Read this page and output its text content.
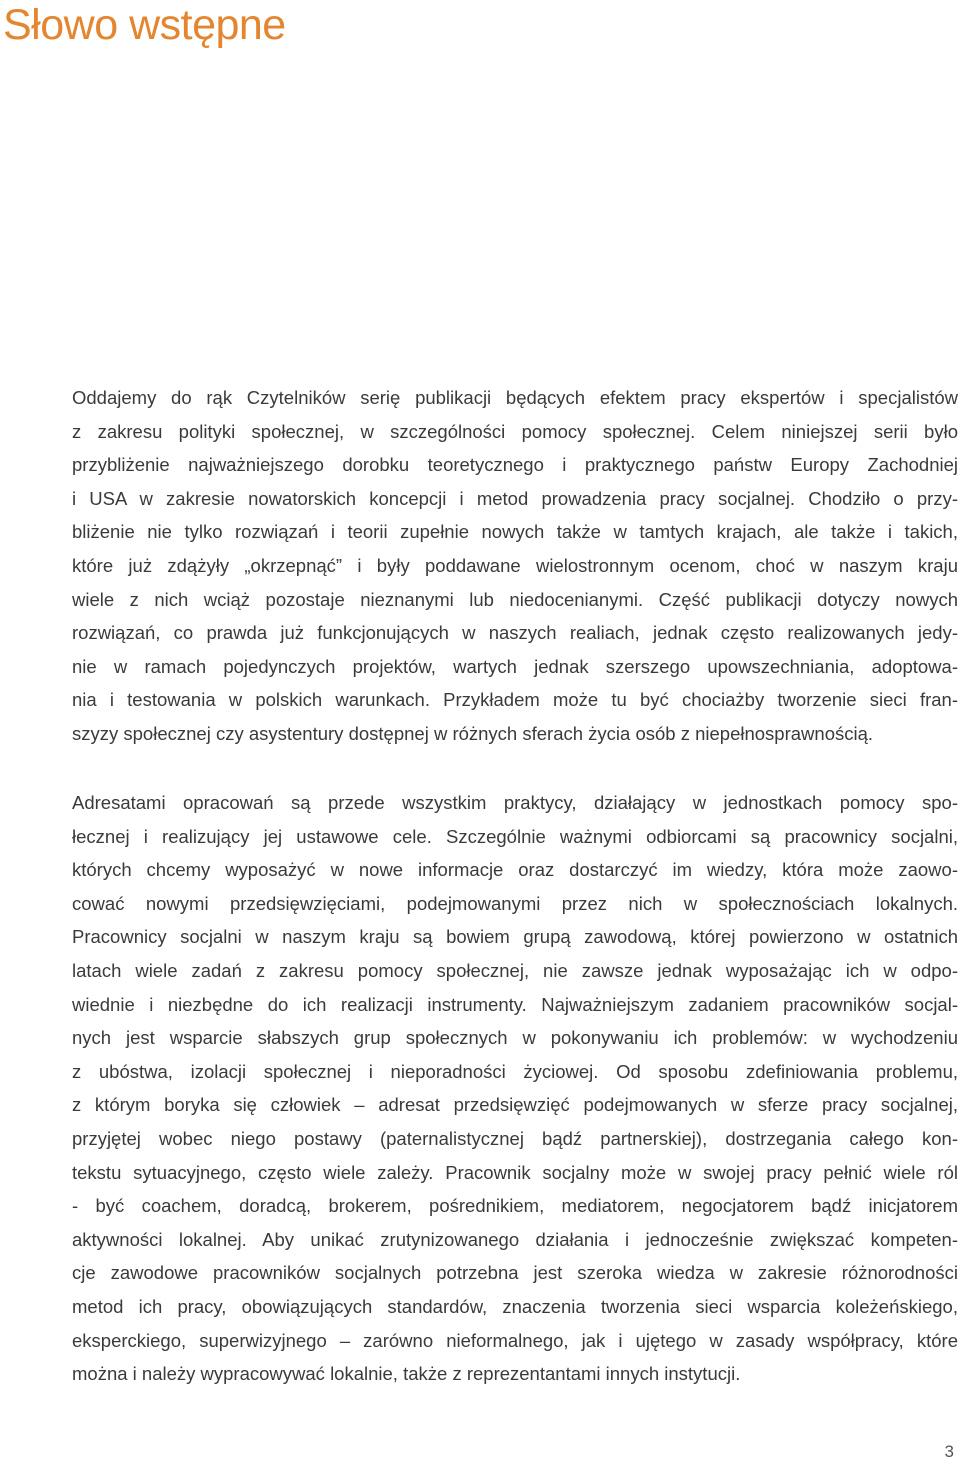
Słowo wstępne
Oddajemy do rąk Czytelników serię publikacji będących efektem pracy ekspertów i specjalistów
z zakresu polityki społecznej, w szczególności pomocy społecznej. Celem niniejszej serii było
przybliżenie najważniejszego dorobku teoretycznego i praktycznego państw Europy Zachodniej
i USA w zakresie nowatorskich koncepcji i metod prowadzenia pracy socjalnej. Chodziło o przy-
bliżenie nie tylko rozwiązań i teorii zupełnie nowych także w tamtych krajach, ale także i takich,
które już zdążyły „okrzepnąć” i były poddawane wielostronnym ocenom, choć w naszym kraju
wiele z nich wciąż pozostaje nieznanymi lub niedocenianymi. Część publikacji dotyczy nowych
rozwiązań, co prawda już funkcjonujących w naszych realiach, jednak często realizowanych jedy-
nie w ramach pojedynczych projektów, wartych jednak szerszego upowszechniania, adoptowa-
nia i testowania w polskich warunkach. Przykładem może tu być chociażby tworzenie sieci fran-
szyzy społecznej czy asystentury dostępnej w różnych sferach życia osób z niepełnosprawnością.
Adresatami opracowań są przede wszystkim praktycy, działający w jednostkach pomocy spo-
łecznej i realizujący jej ustawowe cele. Szczególnie ważnymi odbiorcami są pracownicy socjalni,
których chcemy wyposażyć w nowe informacje oraz dostarczyć im wiedzy, która może zaowo-
cować nowymi przedsięwzięciami, podejmowanymi przez nich w społecznościach lokalnych.
Pracownicy socjalni w naszym kraju są bowiem grupą zawodową, której powierzono w ostatnich
latach wiele zadań z zakresu pomocy społecznej, nie zawsze jednak wyposażając ich w odpo-
wiednie i niezbędne do ich realizacji instrumenty. Najważniejszym zadaniem pracowników socjal-
nych jest wsparcie słabszych grup społecznych w pokonywaniu ich problemów: w wychodzeniu
z ubóstwa, izolacji społecznej i nieporadności życiowej. Od sposobu zdefiniowania problemu,
z którym boryka się człowiek – adresat przedsięwzięć podejmowanych w sferze pracy socjalnej,
przyjętej wobec niego postawy (paternalistycznej bądź partnerskiej), dostrzegania całego kon-
tekstu sytuacyjnego, często wiele zależy. Pracownik socjalny może w swojej pracy pełnić wiele ról
- być coachem, doradcą, brokerem, pośrednikiem, mediatorem, negocjatorem bądź inicjatorem
aktywności lokalnej. Aby unikać zrutynizowanego działania i jednocześnie zwiększać kompeten-
cje zawodowe pracowników socjalnych potrzebna jest szeroka wiedza w zakresie różnorodności
metod ich pracy, obowiązujących standardów, znaczenia tworzenia sieci wsparcia koleżeńskiego,
eksperckiego, superwizyjnego – zarówno nieformalnego, jak i ujętego w zasady współpracy, które
można i należy wypracowywać lokalnie, także z reprezentantami innych instytucji.
3
